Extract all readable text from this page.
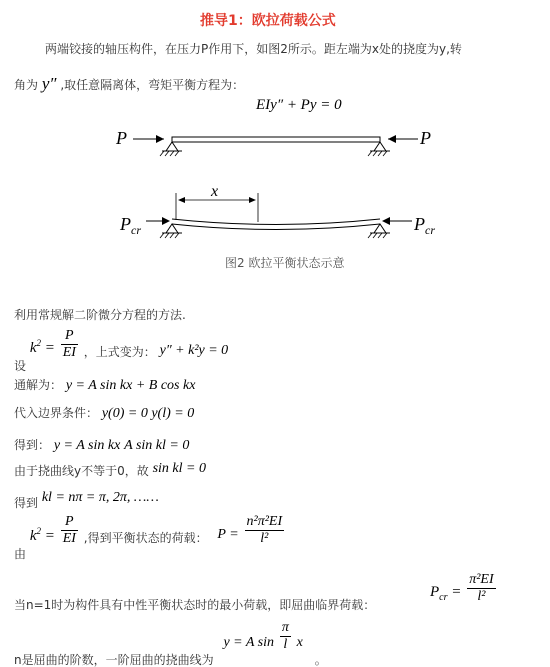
推导1：欧拉荷载公式
两端铰接的轴压构件，在压力P作用下，如图2所示。距左端为x处的挠度为y,转
角为 y″ ,取任意隔离体，弯矩平衡方程为：
EIy″ + Py = 0
P	P
$P_{cr}$	$P_{cr}$
x
图2 欧拉平衡状态示意
利用常规解二阶微分方程的方法.
设 $k^2 = \frac{P}{EI}$ ，上式变为： y″ + k²y = 0
通解为： y = A sin kx + B cos kx
代入边界条件： y(0) = 0 y(l) = 0
得到： y = A sin kx A sin kl = 0
由于挠曲线y不等于0，故 sin kl = 0
得到 kl = nπ = π, 2π, ……
由 $k^2 = \frac{P}{EI}$ ,得到平衡状态的荷载： $P = \frac{\text{n²π²EI}}{\text{l²}}$
当n=1时为构件具有中性平衡状态时的最小荷载，即屈曲临界荷载：
$P_{cr} = \frac{\text{π²EI}}{\text{l²}}$
n是屈曲的阶数，一阶屈曲的挠曲线为 y = A $\sin \frac{\pi}{l}$ x 。
